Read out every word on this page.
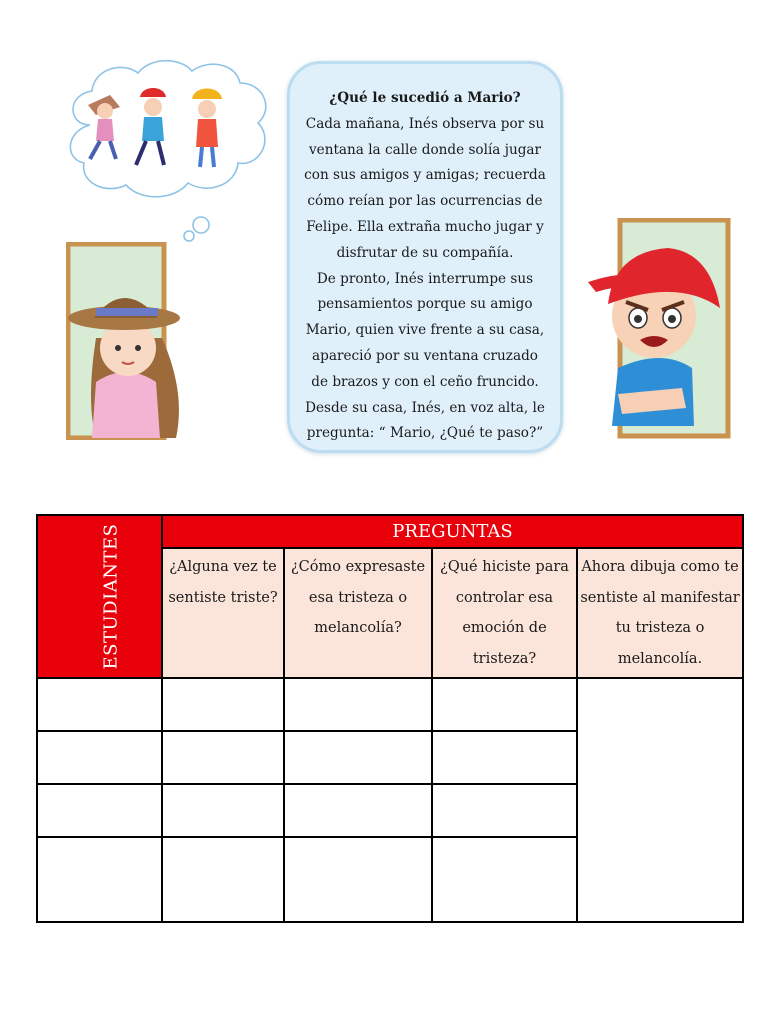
¿Qué le sucedió a Mario?

Cada mañana, Inés observa por su ventana la calle donde solía jugar con sus amigos y amigas; recuerda cómo reían por las ocurrencias de Felipe. Ella extraña mucho jugar y disfrutar de su compañía.

De pronto, Inés interrumpe sus pensamientos porque su amigo Mario, quien vive frente a su casa, apareció por su ventana cruzado de brazos y con el ceño fruncido.

Desde su casa, Inés, en voz alta, le pregunta: “ Mario, ¿Qué te paso?”

ESTUDIANTES	PREGUNTAS			
	¿Alguna vez te sentiste triste?	¿Cómo expresaste esa tristeza o melancolía?	¿Qué hiciste para controlar esa emoción de tristeza?	Ahora dibuja como te sentiste al manifestar tu tristeza o melancolía.
